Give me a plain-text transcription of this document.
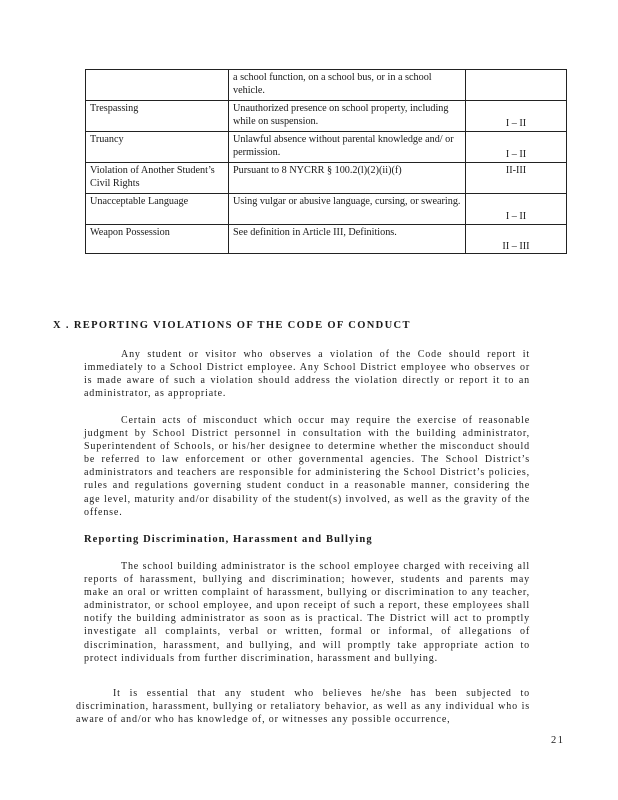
	a school function, on a school bus, or in a school vehicle.	
Trespassing	Unauthorized presence on school property, including while on suspension.	I – II
Truancy	Unlawful absence without parental knowledge and/ or permission.	I – II
Violation of Another Student’s Civil Rights	Pursuant to 8 NYCRR § 100.2(l)(2)(ii)(f)	II-III
Unacceptable Language	Using vulgar or abusive language, cursing, or swearing.	I – II
Weapon Possession	See definition in Article III, Definitions.	II – III
X . REPORTING VIOLATIONS OF THE CODE OF CONDUCT

Any student or visitor who observes a violation of the Code should report it immediately to a School District employee. Any School District employee who observes or is made aware of such a violation should address the violation directly or report it to an administrator, as appropriate.

Certain acts of misconduct which occur may require the exercise of reasonable judgment by School District personnel in consultation with the building administrator, Superintendent of Schools, or his/her designee to determine whether the misconduct should be referred to law enforcement or other governmental agencies. The School District’s administrators and teachers are responsible for administering the School District’s policies, rules and regulations governing student conduct in a reasonable manner, considering the age level, maturity and/or disability of the student(s) involved, as well as the gravity of the offense.

Reporting Discrimination, Harassment and Bullying

The school building administrator is the school employee charged with receiving all reports of harassment, bullying and discrimination; however, students and parents may make an oral or written complaint of harassment, bullying or discrimination to any teacher, administrator, or school employee, and upon receipt of such a report, these employees shall notify the building administrator as soon as is practical. The District will act to promptly investigate all complaints, verbal or written, formal or informal, of allegations of discrimination, harassment, and bullying, and will promptly take appropriate action to protect individuals from further discrimination, harassment and bullying.

It is essential that any student who believes he/she has been subjected to discrimination, harassment, bullying or retaliatory behavior, as well as any individual who is aware of and/or who has knowledge of, or witnesses any possible occurrence,

21
